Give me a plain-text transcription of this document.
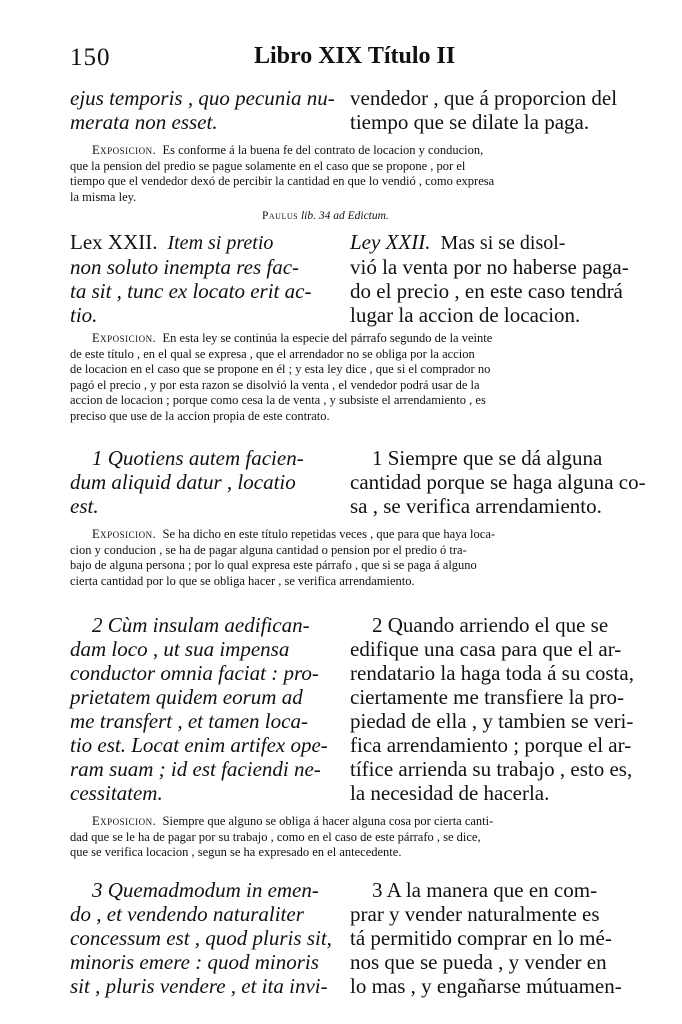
150	Libro XIX Título II
ejus temporis , quo pecunia nu-
merata non esset.
vendedor , que á proporcion del
tiempo que se dilate la paga.
Exposicion. Es conforme á la buena fe del contrato de locacion y conducion,
que la pension del predio se pague solamente en el caso que se propone , por el
tiempo que el vendedor dexó de percibir la cantidad en que lo vendió , como expresa
la misma ley.
Paulus lib. 34 ad Edictum.
Lex XXII. Item si pretio
non soluto inempta res fac-
ta sit , tunc ex locato erit ac-
tio.
Ley XXII. Mas si se disol-
vió la venta por no haberse paga-
do el precio , en este caso tendrá
lugar la accion de locacion.
Exposicion. En esta ley se continúa la especie del párrafo segundo de la veinte
de este título , en el qual se expresa , que el arrendador no se obliga por la accion
de locacion en el caso que se propone en él ; y esta ley dice , que si el comprador no
pagó el precio , y por esta razon se disolvió la venta , el vendedor podrá usar de la
accion de locacion ; porque como cesa la de venta , y subsiste el arrendamiento , es
preciso que use de la accion propia de este contrato.
1 Quotiens autem facien-
dum aliquid datur , locatio
est.
1 Siempre que se dá alguna
cantidad porque se haga alguna co-
sa , se verifica arrendamiento.
Exposicion. Se ha dicho en este título repetidas veces , que para que haya loca-
cion y conducion , se ha de pagar alguna cantidad o pension por el predio ó tra-
bajo de alguna persona ; por lo qual expresa este párrafo , que si se paga á alguno
cierta cantidad por lo que se obliga hacer , se verifica arrendamiento.
2 Cùm insulam aedifican-
dam loco , ut sua impensa
conductor omnia faciat : pro-
prietatem quidem eorum ad
me transfert , et tamen loca-
tio est. Locat enim artifex ope-
ram suam ; id est faciendi ne-
cessitatem.
2 Quando arriendo el que se
edifique una casa para que el ar-
rendatario la haga toda á su costa,
ciertamente me transfiere la pro-
piedad de ella , y tambien se veri-
fica arrendamiento ; porque el ar-
tífice arrienda su trabajo , esto es,
la necesidad de hacerla.
Exposicion. Siempre que alguno se obliga á hacer alguna cosa por cierta canti-
dad que se le ha de pagar por su trabajo , como en el caso de este párrafo , se dice,
que se verifica locacion , segun se ha expresado en el antecedente.
3 Quemadmodum in emen-
do , et vendendo naturaliter
concessum est , quod pluris sit,
minoris emere : quod minoris
sit , pluris vendere , et ita invi-
3 A la manera que en com-
prar y vender naturalmente es
tá permitido comprar en lo mé-
nos que se pueda , y vender en
lo mas , y engañarse mútuamen-
